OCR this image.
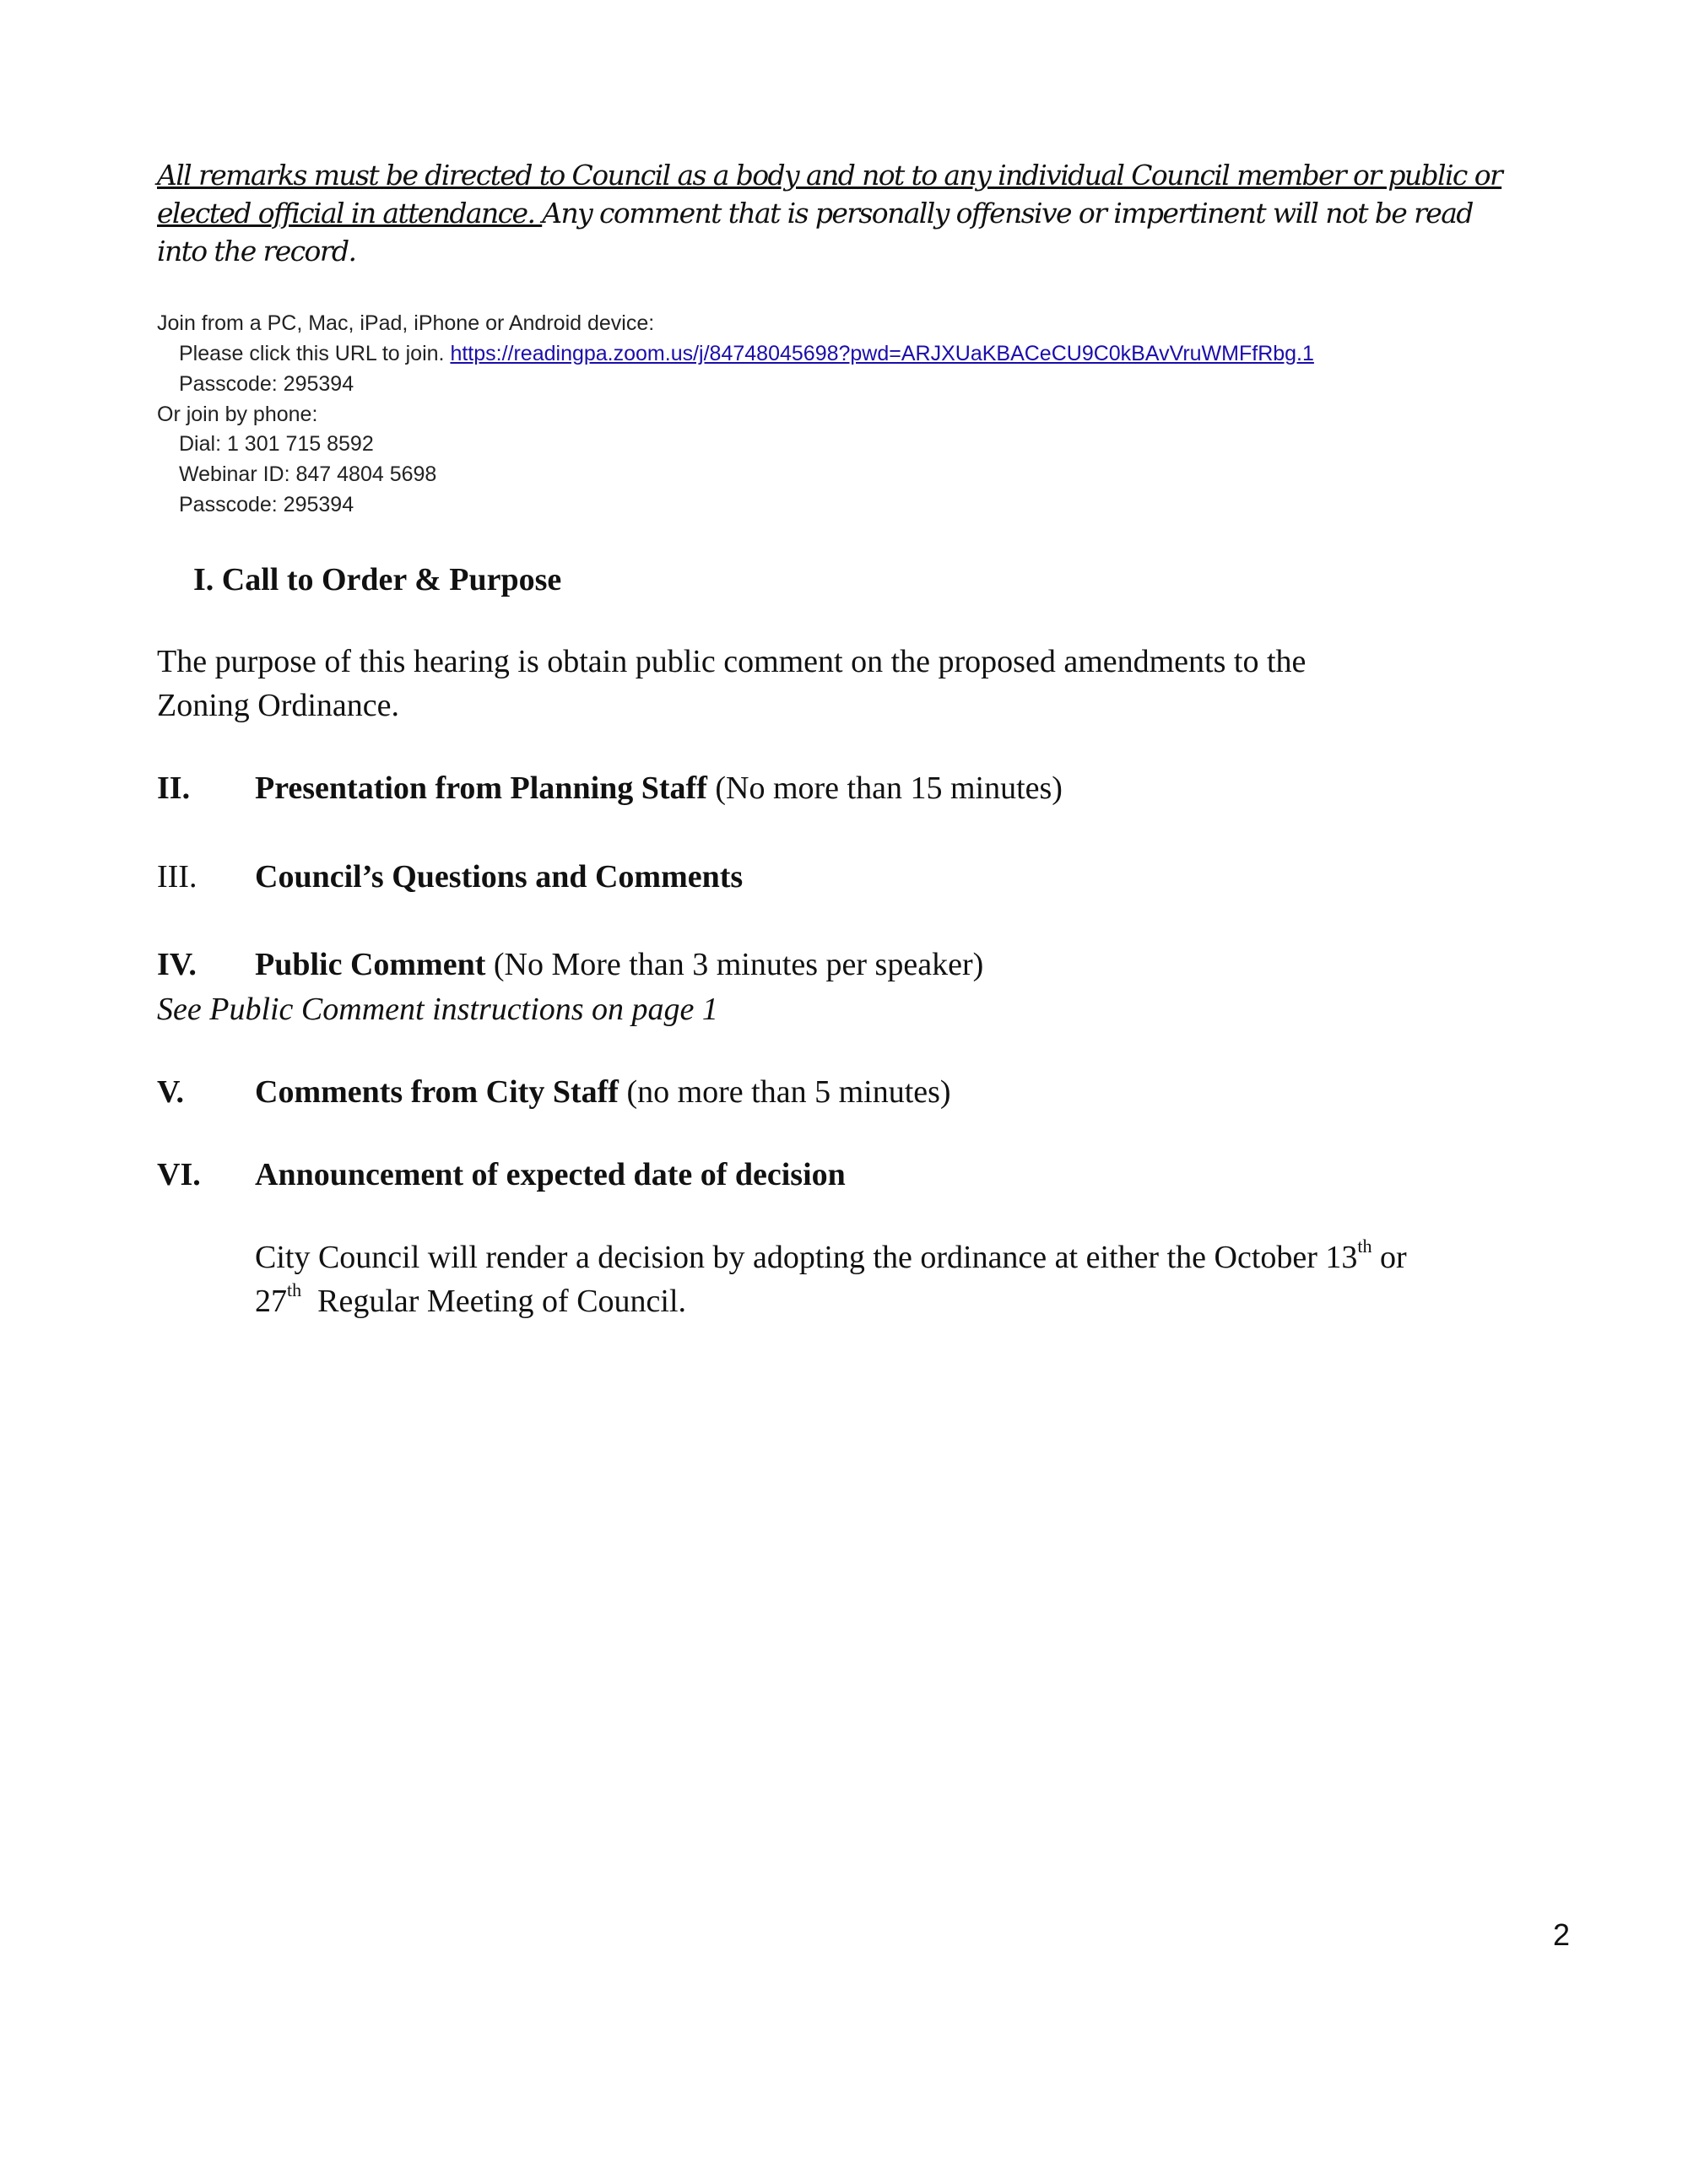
All remarks must be directed to Council as a body and not to any individual Council member or public or
elected official in attendance. Any comment that is personally offensive or impertinent will not be read
into the record.
Join from a PC, Mac, iPad, iPhone or Android device:
Please click this URL to join. https://readingpa.zoom.us/j/84748045698?pwd=ARJXUaKBACeCU9C0kBAvVruWMFfRbg.1
Passcode: 295394
Or join by phone:
Dial: 1 301 715 8592
Webinar ID: 847 4804 5698
Passcode: 295394
I. Call to Order & Purpose
The purpose of this hearing is obtain public comment on the proposed amendments to the
Zoning Ordinance.
II. Presentation from Planning Staff (No more than 15 minutes)
III. Council’s Questions and Comments
IV. Public Comment (No More than 3 minutes per speaker)
See Public Comment instructions on page 1
V. Comments from City Staff (no more than 5 minutes)
VI. Announcement of expected date of decision
City Council will render a decision by adopting the ordinance at either the October 13th or
27th  Regular Meeting of Council.
2
